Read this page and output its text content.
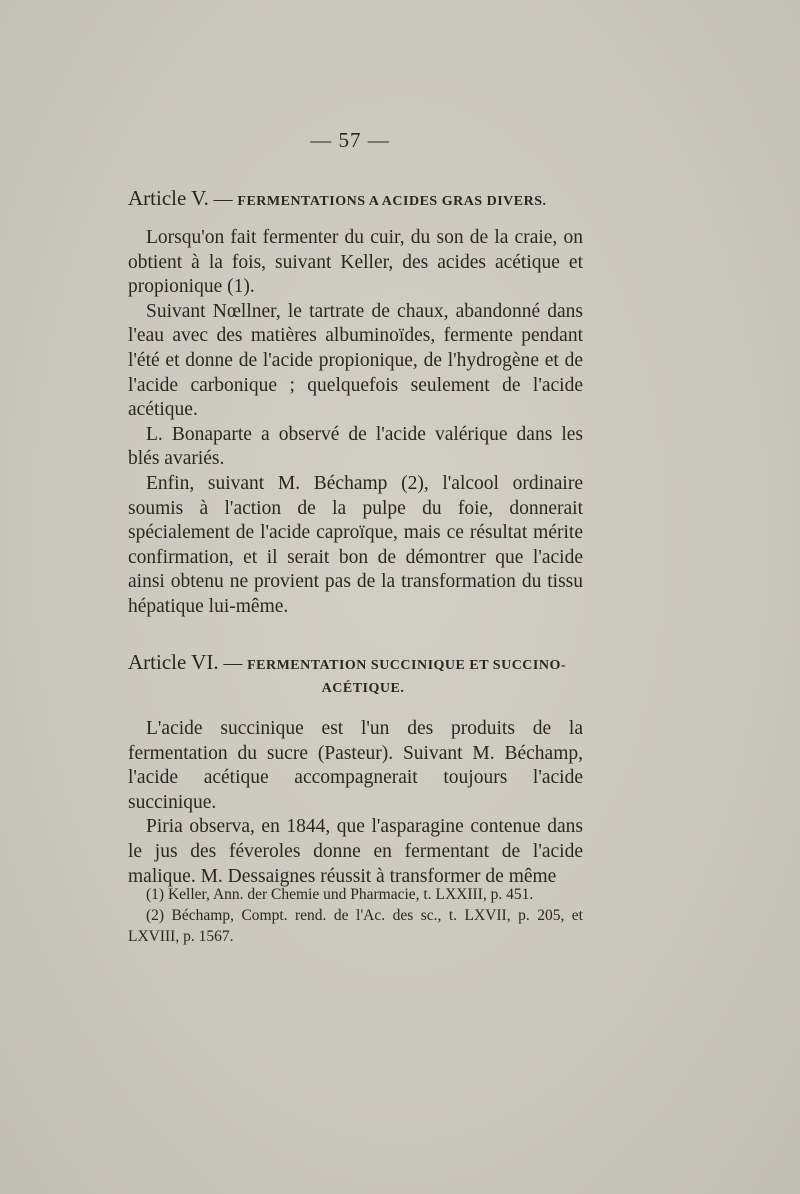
— 57 —
Article V. — FERMENTATIONS A ACIDES GRAS DIVERS.

Lorsqu'on fait fermenter du cuir, du son de la craie, on obtient à la fois, suivant Keller, des acides acétique et propionique (1).

Suivant Nœllner, le tartrate de chaux, abandonné dans l'eau avec des matières albuminoïdes, fermente pendant l'été et donne de l'acide propionique, de l'hydrogène et de l'acide carbonique ; quelquefois seulement de l'acide acétique.

L. Bonaparte a observé de l'acide valérique dans les blés avariés.

Enfin, suivant M. Béchamp (2), l'alcool ordinaire soumis à l'action de la pulpe du foie, donnerait spécialement de l'acide caproïque, mais ce résultat mérite confirmation, et il serait bon de démontrer que l'acide ainsi obtenu ne provient pas de la transformation du tissu hépatique lui-même.

Article VI. — FERMENTATION SUCCINIQUE ET SUCCINO-
ACÉTIQUE.

L'acide succinique est l'un des produits de la fermentation du sucre (Pasteur). Suivant M. Béchamp, l'acide acétique accompagnerait toujours l'acide succinique.

Piria observa, en 1844, que l'asparagine contenue dans le jus des féveroles donne en fermentant de l'acide malique. M. Dessaignes réussit à transformer de même

(1) Keller, Ann. der Chemie und Pharmacie, t. LXXIII, p. 451.

(2) Béchamp, Compt. rend. de l'Ac. des sc., t. LXVII, p. 205, et LXVIII, p. 1567.
